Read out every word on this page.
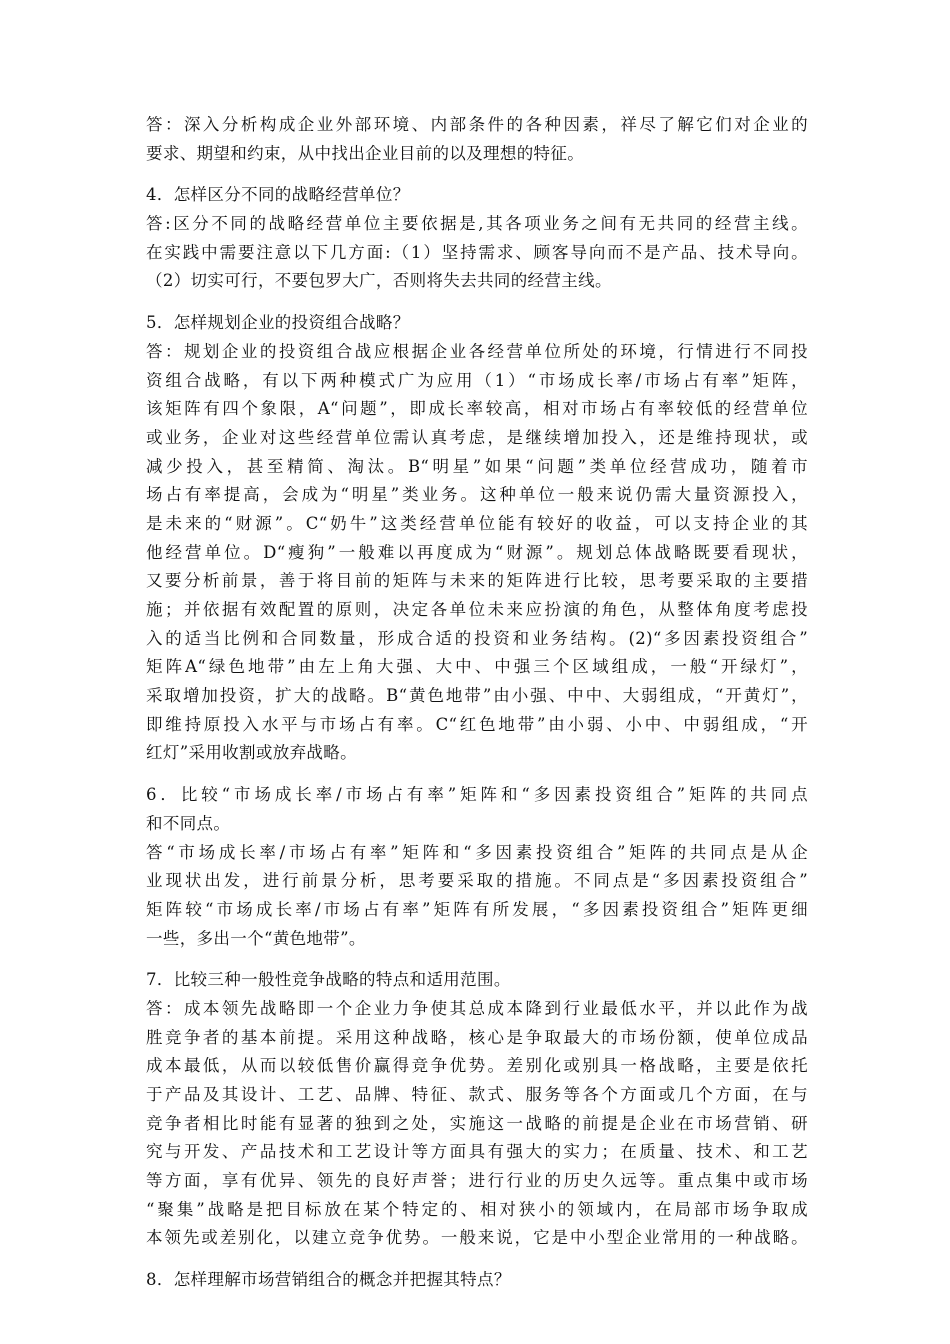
答：深入分析构成企业外部环境、内部条件的各种因素，祥尽了解它们对企业的
要求、期望和约束，从中找出企业目前的以及理想的特征。
4．怎样区分不同的战略经营单位？
答:区分不同的战略经营单位主要依据是,其各项业务之间有无共同的经营主线。
在实践中需要注意以下几方面:（1）坚持需求、顾客导向而不是产品、技术导向。
（2）切实可行，不要包罗大广，否则将失去共同的经营主线。
5．怎样规划企业的投资组合战略？
答：规划企业的投资组合战应根据企业各经营单位所处的环境，行情进行不同投
资组合战略，有以下两种模式广为应用（1）“市场成长率/市场占有率”矩阵，
该矩阵有四个象限，A“问题”，即成长率较高，相对市场占有率较低的经营单位
或业务，企业对这些经营单位需认真考虑，是继续增加投入，还是维持现状，或
减少投入，甚至精简、淘汰。B“明星”如果“问题”类单位经营成功，随着市
场占有率提高，会成为“明星”类业务。这种单位一般来说仍需大量资源投入，
是未来的“财源”。C“奶牛”这类经营单位能有较好的收益，可以支持企业的其
他经营单位。D“瘦狗”一般难以再度成为“财源”。规划总体战略既要看现状，
又要分析前景，善于将目前的矩阵与未来的矩阵进行比较，思考要采取的主要措
施；并依据有效配置的原则，决定各单位未来应扮演的角色，从整体角度考虑投
入的适当比例和合同数量，形成合适的投资和业务结构。(2)“多因素投资组合”
矩阵A“绿色地带”由左上角大强、大中、中强三个区域组成，一般“开绿灯”，
采取增加投资，扩大的战略。B“黄色地带”由小强、中中、大弱组成，“开黄灯”，
即维持原投入水平与市场占有率。C“红色地带”由小弱、小中、中弱组成，“开
红灯”采用收割或放弃战略。
6．比较“市场成长率/市场占有率”矩阵和“多因素投资组合”矩阵的共同点
和不同点。
答“市场成长率/市场占有率”矩阵和“多因素投资组合”矩阵的共同点是从企
业现状出发，进行前景分析，思考要采取的措施。不同点是“多因素投资组合”
矩阵较“市场成长率/市场占有率”矩阵有所发展，“多因素投资组合”矩阵更细
一些，多出一个“黄色地带”。
7．比较三种一般性竞争战略的特点和适用范围。
答：成本领先战略即一个企业力争使其总成本降到行业最低水平，并以此作为战
胜竞争者的基本前提。采用这种战略，核心是争取最大的市场份额，使单位成品
成本最低，从而以较低售价赢得竞争优势。差别化或别具一格战略，主要是依托
于产品及其设计、工艺、品牌、特征、款式、服务等各个方面或几个方面，在与
竞争者相比时能有显著的独到之处，实施这一战略的前提是企业在市场营销、研
究与开发、产品技术和工艺设计等方面具有强大的实力；在质量、技术、和工艺
等方面，享有优异、领先的良好声誉；进行行业的历史久远等。重点集中或市场
“聚集”战略是把目标放在某个特定的、相对狭小的领域内，在局部市场争取成
本领先或差别化，以建立竞争优势。一般来说，它是中小型企业常用的一种战略。
8．怎样理解市场营销组合的概念并把握其特点？
